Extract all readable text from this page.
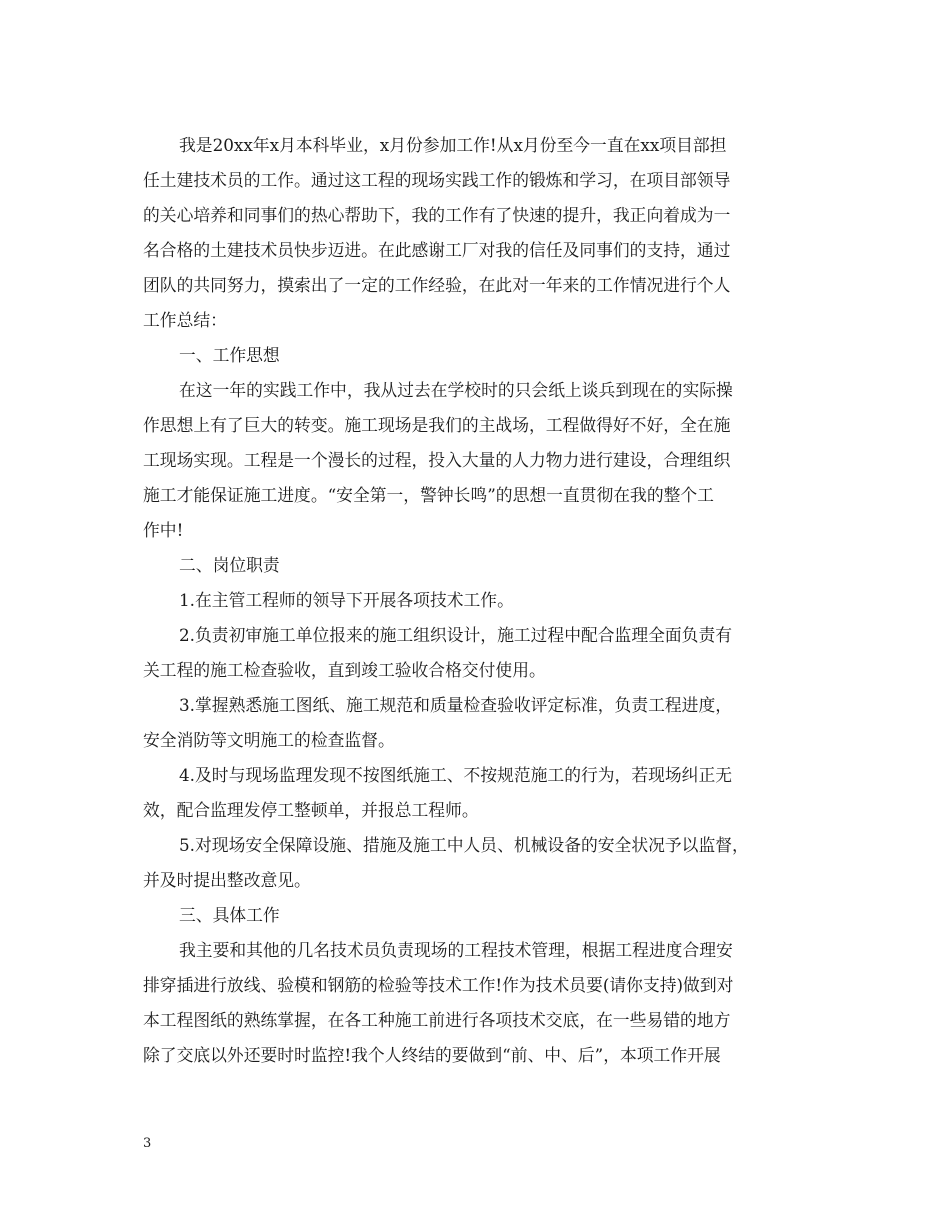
我是20xx年x月本科毕业，x月份参加工作!从x月份至今一直在xx项目部担
任土建技术员的工作。通过这工程的现场实践工作的锻炼和学习，在项目部领导
的关心培养和同事们的热心帮助下，我的工作有了快速的提升，我正向着成为一
名合格的土建技术员快步迈进。在此感谢工厂对我的信任及同事们的支持，通过
团队的共同努力，摸索出了一定的工作经验，在此对一年来的工作情况进行个人
工作总结：
一、工作思想
在这一年的实践工作中，我从过去在学校时的只会纸上谈兵到现在的实际操
作思想上有了巨大的转变。施工现场是我们的主战场，工程做得好不好，全在施
工现场实现。工程是一个漫长的过程，投入大量的人力物力进行建设，合理组织
施工才能保证施工进度。“安全第一，警钟长鸣”的思想一直贯彻在我的整个工
作中!
二、岗位职责
1.在主管工程师的领导下开展各项技术工作。
2.负责初审施工单位报来的施工组织设计，施工过程中配合监理全面负责有
关工程的施工检查验收，直到竣工验收合格交付使用。
3.掌握熟悉施工图纸、施工规范和质量检查验收评定标准，负责工程进度，
安全消防等文明施工的检查监督。
4.及时与现场监理发现不按图纸施工、不按规范施工的行为，若现场纠正无
效，配合监理发停工整顿单，并报总工程师。
5.对现场安全保障设施、措施及施工中人员、机械设备的安全状况予以监督，
并及时提出整改意见。
三、具体工作
我主要和其他的几名技术员负责现场的工程技术管理，根据工程进度合理安
排穿插进行放线、验模和钢筋的检验等技术工作!作为技术员要(请你支持)做到对
本工程图纸的熟练掌握，在各工种施工前进行各项技术交底，在一些易错的地方
除了交底以外还要时时监控!我个人终结的要做到“前、中、后”，本项工作开展
3
